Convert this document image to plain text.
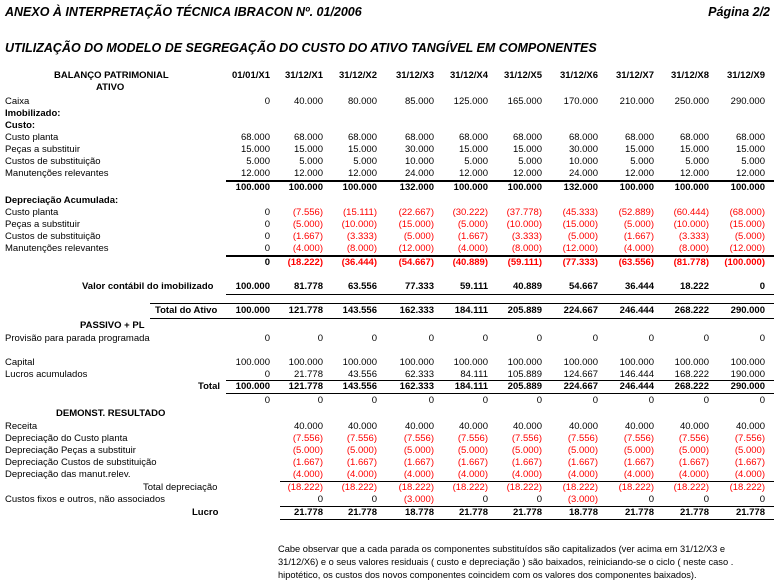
ANEXO À INTERPRETAÇÃO TÉCNICA IBRACON Nº. 01/2006	Página 2/2
UTILIZAÇÃO DO MODELO DE SEGREGAÇÃO DO CUSTO DO ATIVO TANGÍVEL EM COMPONENTES
BALANÇO PATRIMONIAL	01/01/X1	31/12/X1	31/12/X2	31/12/X3	31/12/X4	31/12/X5	31/12/X6	31/12/X7	31/12/X8	31/12/X9
ATIVO
Caixa	0	40.000	80.000	85.000	125.000	165.000	170.000	210.000	250.000	290.000
Imobilizado:
Custo:
Custo planta	68.000	68.000	68.000	68.000	68.000	68.000	68.000	68.000	68.000	68.000
Peças a substituir	15.000	15.000	15.000	30.000	15.000	15.000	30.000	15.000	15.000	15.000
Custos de substituição	5.000	5.000	5.000	10.000	5.000	5.000	10.000	5.000	5.000	5.000
Manutenções relevantes	12.000	12.000	12.000	24.000	12.000	12.000	24.000	12.000	12.000	12.000
100.000	100.000	100.000	132.000	100.000	100.000	132.000	100.000	100.000	100.000
Depreciação Acumulada:
Custo planta	0	(7.556)	(15.111)	(22.667)	(30.222)	(37.778)	(45.333)	(52.889)	(60.444)	(68.000)
Peças a substituir	0	(5.000)	(10.000)	(15.000)	(5.000)	(10.000)	(15.000)	(5.000)	(10.000)	(15.000)
Custos de substituição	0	(1.667)	(3.333)	(5.000)	(1.667)	(3.333)	(5.000)	(1.667)	(3.333)	(5.000)
Manutenções relevantes	0	(4.000)	(8.000)	(12.000)	(4.000)	(8.000)	(12.000)	(4.000)	(8.000)	(12.000)
0	(18.222)	(36.444)	(54.667)	(40.889)	(59.111)	(77.333)	(63.556)	(81.778)	(100.000)
Valor contábil do imobilizado	100.000	81.778	63.556	77.333	59.111	40.889	54.667	36.444	18.222	0
Total do Ativo	100.000	121.778	143.556	162.333	184.111	205.889	224.667	246.444	268.222	290.000
PASSIVO + PL
Provisão para parada programada	0	0	0	0	0	0	0	0	0	0
Capital	100.000	100.000	100.000	100.000	100.000	100.000	100.000	100.000	100.000	100.000
Lucros acumulados	0	21.778	43.556	62.333	84.111	105.889	124.667	146.444	168.222	190.000
Total	100.000	121.778	143.556	162.333	184.111	205.889	224.667	246.444	268.222	290.000
0	0	0	0	0	0	0	0	0	0
DEMONST. RESULTADO
Receita	40.000	40.000	40.000	40.000	40.000	40.000	40.000	40.000	40.000
Depreciação do Custo planta	(7.556)	(7.556)	(7.556)	(7.556)	(7.556)	(7.556)	(7.556)	(7.556)	(7.556)
Depreciação Peças a substituir	(5.000)	(5.000)	(5.000)	(5.000)	(5.000)	(5.000)	(5.000)	(5.000)	(5.000)
Depreciação Custos de substituição	(1.667)	(1.667)	(1.667)	(1.667)	(1.667)	(1.667)	(1.667)	(1.667)	(1.667)
Depreciação das manut.relev.	(4.000)	(4.000)	(4.000)	(4.000)	(4.000)	(4.000)	(4.000)	(4.000)	(4.000)
Total depreciação	(18.222)	(18.222)	(18.222)	(18.222)	(18.222)	(18.222)	(18.222)	(18.222)	(18.222)
Custos fixos e outros, não associados	0	0	(3.000)	0	0	(3.000)	0	0	0
Lucro	21.778	21.778	18.778	21.778	21.778	18.778	21.778	21.778	21.778
Cabe observar que a cada parada os componentes substituídos são capitalizados (ver acima em 31/12/X3 e
31/12/X6) e o seus valores residuais ( custo e depreciação ) são baixados, reiniciando-se o ciclo ( neste caso .
hipotético, os custos dos novos componentes coincidem com os valores dos componentes baixados).
